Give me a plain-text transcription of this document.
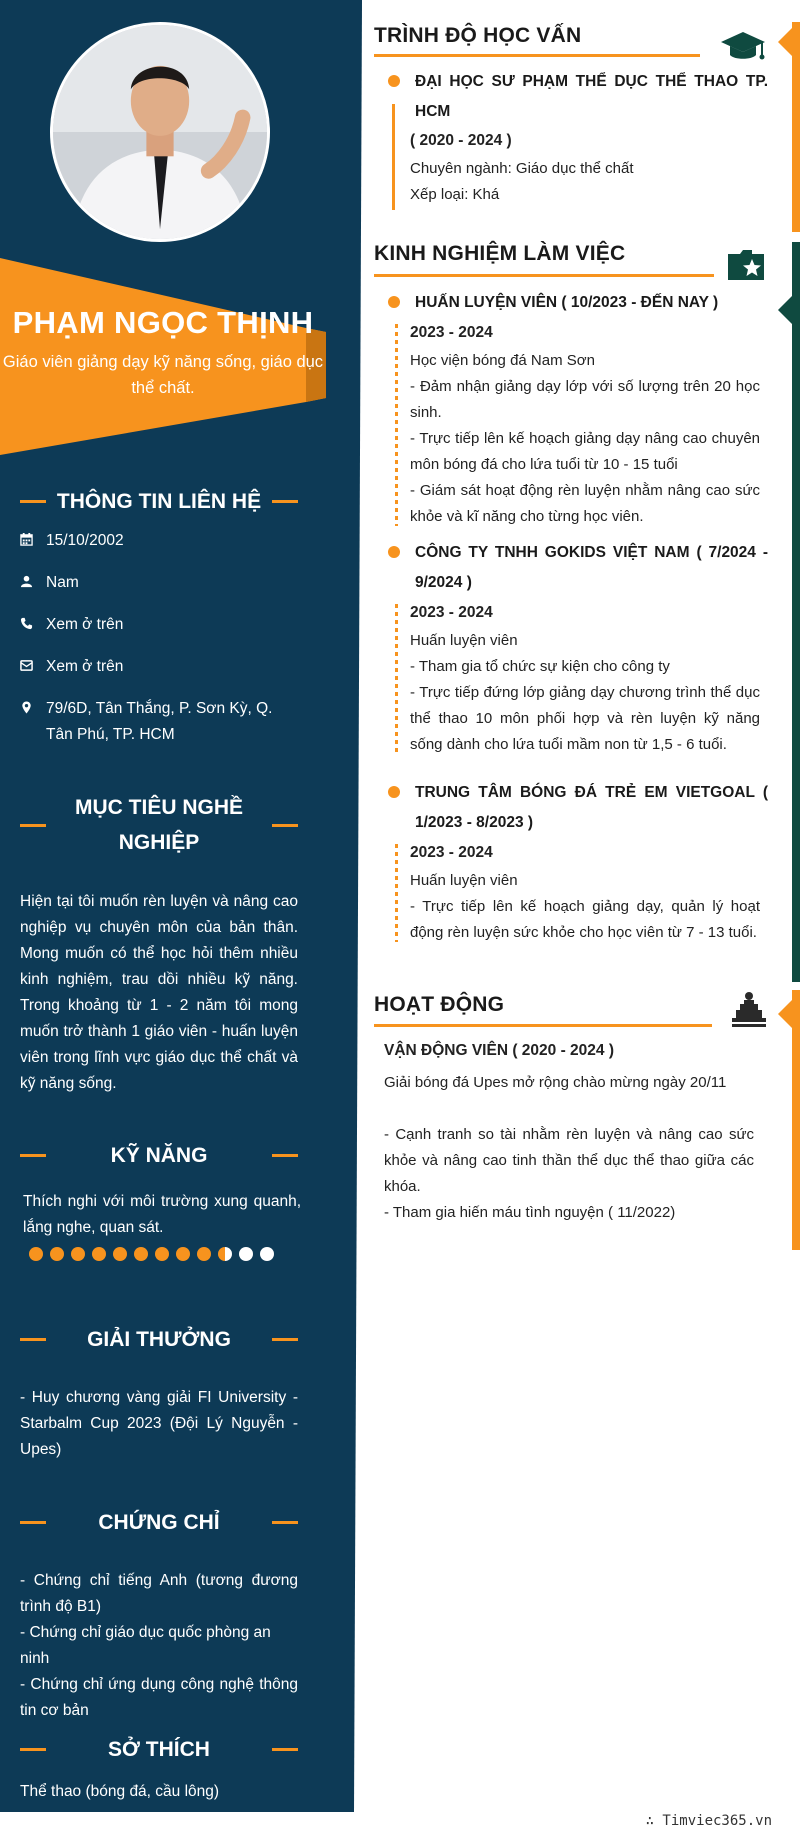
PHẠM NGỌC THỊNH
Giáo viên giảng dạy kỹ năng sống, giáo dục thể chất.
THÔNG TIN LIÊN HỆ
15/10/2002
Nam
Xem ở trên
Xem ở trên
79/6D, Tân Thắng, P. Sơn Kỳ, Q. Tân Phú, TP. HCM
MỤC TIÊU NGHỀ NGHIỆP
Hiện tại tôi muốn rèn luyện và nâng cao nghiệp vụ chuyên môn của bản thân. Mong muốn có thể học hỏi thêm nhiều kinh nghiệm, trau dồi nhiều kỹ năng. Trong khoảng từ 1 - 2 năm tôi mong muốn trở thành 1 giáo viên - huấn luyện viên trong lĩnh vực giáo dục thể chất và kỹ năng sống.
KỸ NĂNG
Thích nghi với môi trường xung quanh, lắng nghe, quan sát.
GIẢI THƯỞNG
- Huy chương vàng giải FI University - Starbalm Cup 2023 (Đội Lý Nguyễn - Upes)
CHỨNG CHỈ
- Chứng chỉ tiếng Anh (tương đương trình độ B1)
- Chứng chỉ giáo dục quốc phòng an ninh
- Chứng chỉ ứng dụng công nghệ thông tin cơ bản
SỞ THÍCH
Thể thao (bóng đá, cầu lông)
TRÌNH ĐỘ HỌC VẤN
ĐẠI HỌC SƯ PHẠM THỂ DỤC THỂ THAO TP. HCM
( 2020 - 2024 )
Chuyên ngành: Giáo dục thể chất
Xếp loại: Khá
KINH NGHIỆM LÀM VIỆC
HUẤN LUYỆN VIÊN ( 10/2023 - ĐẾN NAY )
2023 - 2024
Học viện bóng đá Nam Sơn
- Đảm nhận giảng dạy lớp với số lượng trên 20 học sinh.
- Trực tiếp lên kế hoạch giảng dạy nâng cao chuyên môn bóng đá cho lứa tuổi từ 10 - 15 tuổi
- Giám sát hoạt động rèn luyện nhằm nâng cao sức khỏe và kĩ năng cho từng học viên.
CÔNG TY TNHH GOKIDS VIỆT NAM ( 7/2024 - 9/2024 )
2023 - 2024
Huấn luyện viên
- Tham gia tổ chức sự kiện cho công ty
- Trực tiếp đứng lớp giảng dạy chương trình thể dục thể thao 10 môn phối hợp và rèn luyện kỹ năng sống dành cho lứa tuổi mầm non từ 1,5 - 6 tuổi.
TRUNG TÂM BÓNG ĐÁ TRẺ EM VIETGOAL ( 1/2023 - 8/2023 )
2023 - 2024
Huấn luyện viên
- Trực tiếp lên kế hoạch giảng dạy, quản lý hoạt động rèn luyện sức khỏe cho học viên từ 7 - 13 tuổi.
HOẠT ĐỘNG
VẬN ĐỘNG VIÊN ( 2020 - 2024 )
Giải bóng đá Upes mở rộng chào mừng ngày 20/11
- Cạnh tranh so tài nhằm rèn luyện và nâng cao sức khỏe và nâng cao tinh thần thể dục thể thao giữa các khóa.
- Tham gia hiến máu tình nguyện ( 11/2022)
∴ Timviec365.vn
